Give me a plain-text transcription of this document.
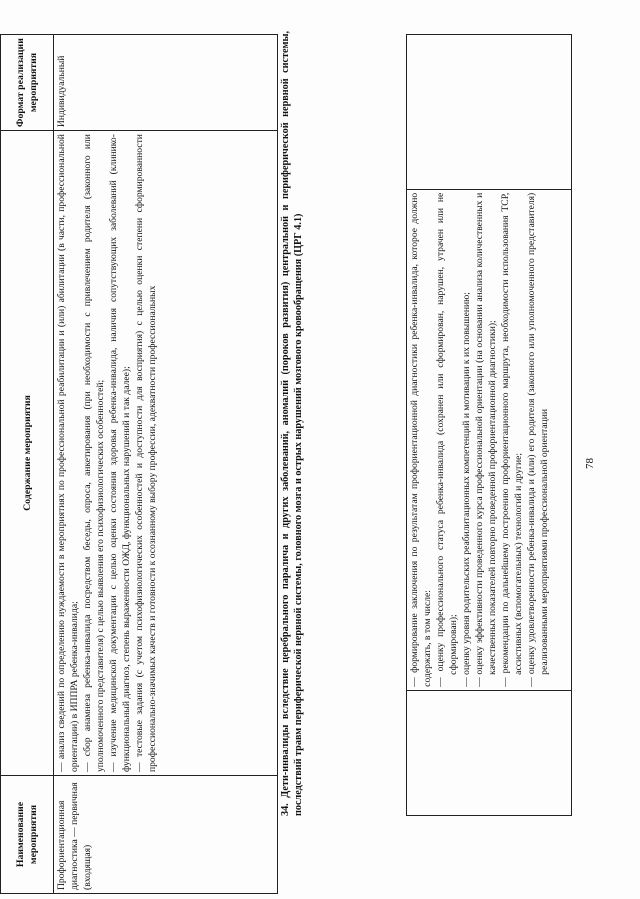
78

— формирование заключения по результатам профориентационной диагностики ребенка-инвалида, которое должно содержать, в том числе: — оценку профессионального статуса ребенка-инвалида (сохранен или сформирован, нарушен, утрачен или не сформирован); — оценку уровня родительских реабилитационных компетенций и мотивации к их повышению; — оценку эффективности проведенного курса профессиональной ориентации (на основании анализа количественных и качественных показателей повторно проведенной профориентационной диагностики); — рекомендации по дальнейшему построению профориентационного маршрута, необходимости использования ТСР, ассистивных (вспомогательных) технологий и другие; — оценку удовлетворенности ребенка-инвалида и (или) его родителя (законного или уполномоченного представителя) реализованными мероприятиями профессиональной ориентации

34. Дети-инвалиды вследствие церебрального паралича и других заболеваний, аномалий (пороков развития) центральной и периферической нервной системы, последствий травм периферической нервной системы, головного мозга и острых нарушений мозгового кровообращения (ЦРГ 4.1)
Наименование мероприятия	Содержание мероприятия	Формат реализации мероприятия
Профориентационная диагностика — первичная (входящая)	— анализ сведений по определению нуждаемости в мероприятиях по профессиональной реабилитации и (или) абилитации (в части, профессиональной ориентации) в ИППРА ребенка-инвалида; — сбор анамнеза ребенка-инвалида посредством беседы, опроса, анкетирования (при необходимости с привлечением родителя (законного или уполномоченного представителя) с целью выявления его психофизиологических особенностей; — изучение медицинской документации с целью оценки состояния здоровья ребенка-инвалида, наличия сопутствующих заболеваний (клинико-функциональный диагноз, степень выраженности ОЖД, функциональных нарушений и так далее); — тестовые задания (с учетом психофизиологических особенностей и доступности для восприятия) с целью оценки степени сформированности профессионально-значимых качеств и готовности к осознанному выбору профессии, адекватности профессиональных	Индивидуальный
